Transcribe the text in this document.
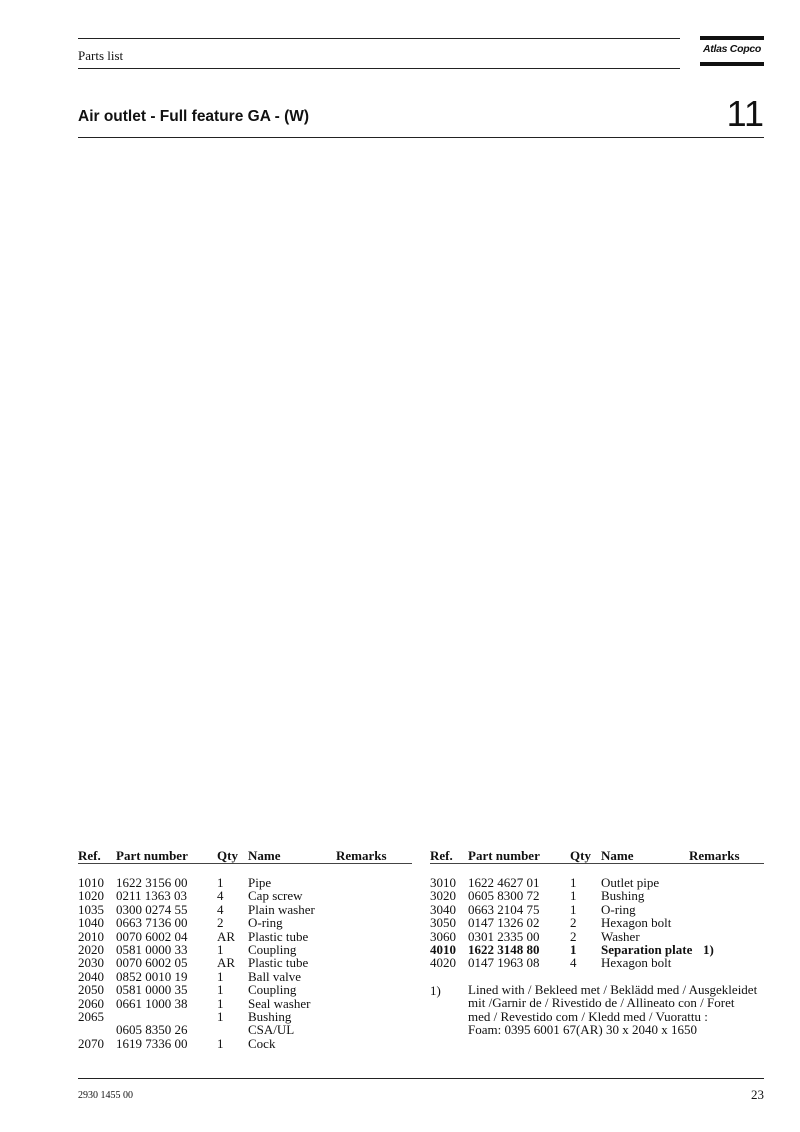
Parts list	Atlas Copco
Air outlet - Full feature GA - (W)	11
Ref. Part number Qty Name	Remarks	Ref. Part number Qty Name	Remarks
1010	1622 3156 00	1	Pipe	
1020	0211 1363 03	4	Cap screw	
1035	0300 0274 55	4	Plain washer	
1040	0663 7136 00	2	O-ring	
2010	0070 6002 04	AR	Plastic tube	
2020	0581 0000 33	1	Coupling	
2030	0070 6002 05	AR	Plastic tube	
2040	0852 0010 19	1	Ball valve	
2050	0581 0000 35	1	Coupling	
2060	0661 1000 38	1	Seal washer	
2065		1	Bushing	
	0605 8350 26		CSA/UL	
2070	1619 7336 00	1	Cock	
3010	1622 4627 01	1	Outlet pipe	
3020	0605 8300 72	1	Bushing	
3040	0663 2104 75	1	O-ring	
3050	0147 1326 02	2	Hexagon bolt	
3060	0301 2335 00	2	Washer	
4010	1622 3148 80	1	Separation plate	1)
4020	0147 1963 08	4	Hexagon bolt	
1) Lined with / Bekleed met / Beklädd med / Ausgekleidet
mit /Garnir de / Rivestido de / Allineato con / Foret
med / Revestido com / Kledd med / Vuorattu :
Foam: 0395 6001 67(AR) 30 x 2040 x 1650
2930 1455 00	23
